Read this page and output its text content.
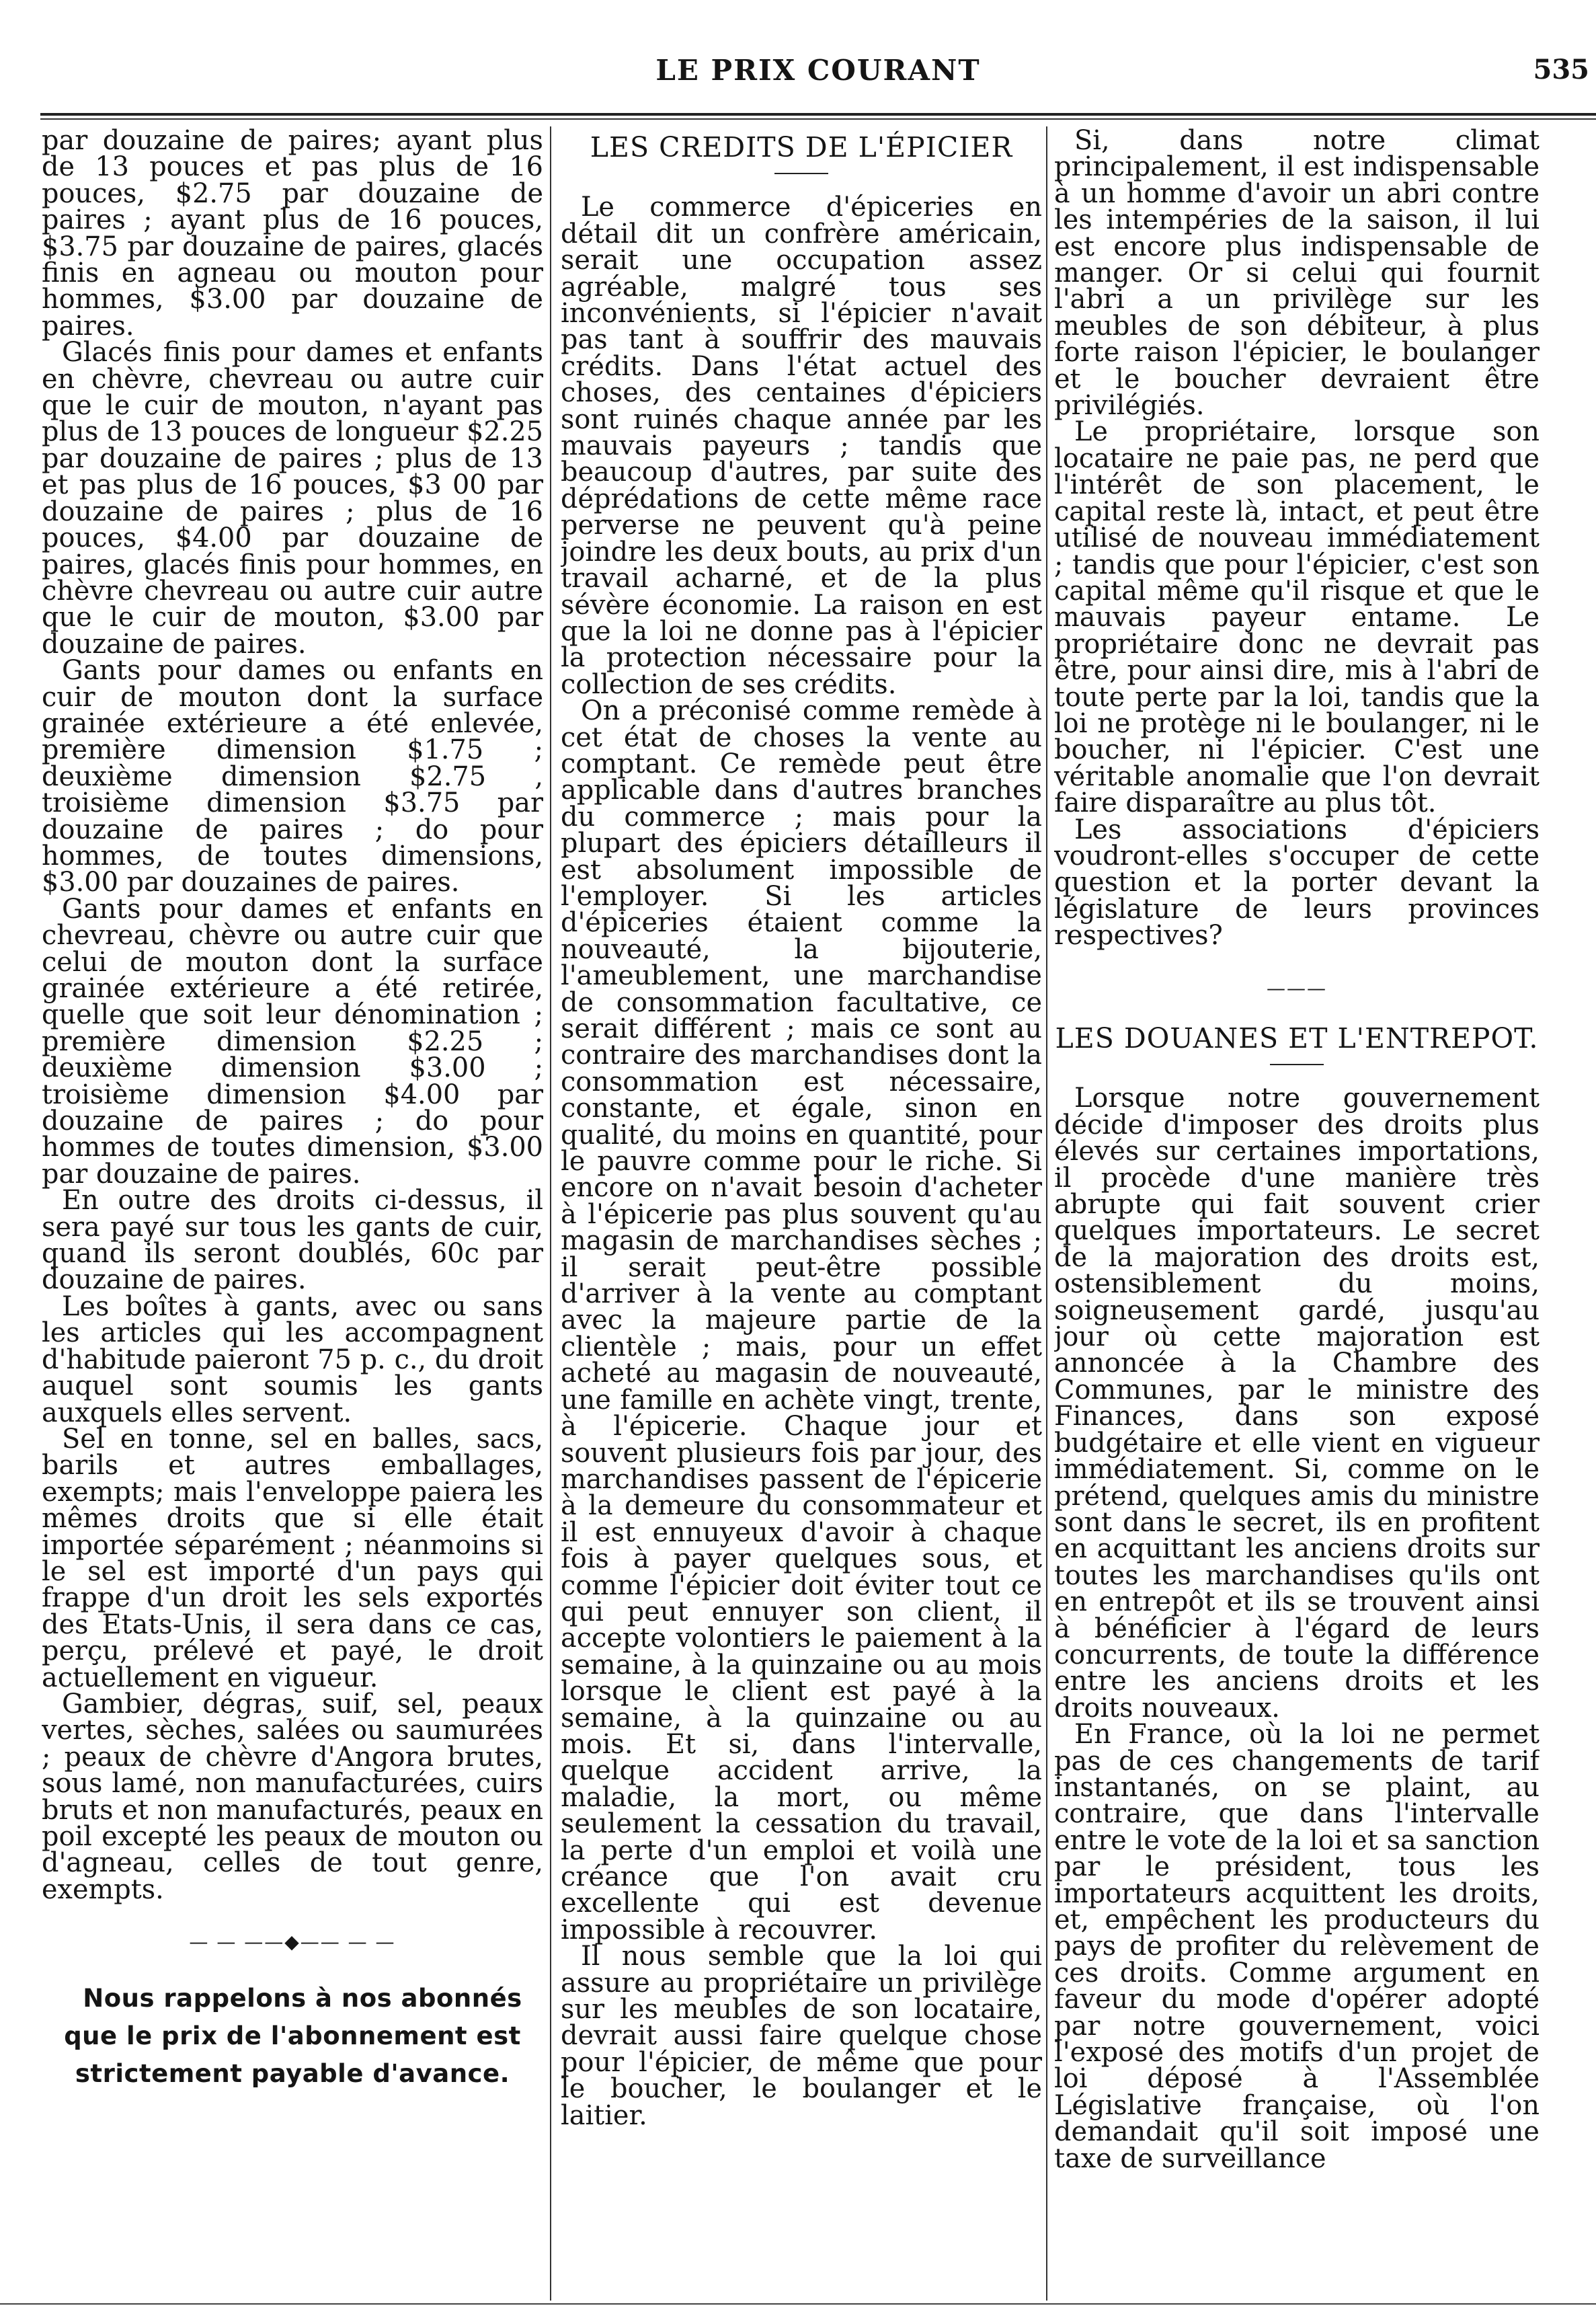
LE PRIX COURANT	535

par douzaine de paires; ayant plus de 13 pouces et pas plus de 16 pouces, $2.75 par douzaine de paires ; ayant plus de 16 pouces, $3.75 par douzaine de paires, glacés finis en agneau ou mouton pour hommes, $3.00 par douzaine de paires.

Glacés finis pour dames et enfants en chèvre, chevreau ou autre cuir que le cuir de mouton, n'ayant pas plus de 13 pouces de longueur $2.25 par douzaine de paires ; plus de 13 et pas plus de 16 pouces, $3 00 par douzaine de paires ; plus de 16 pouces, $4.00 par douzaine de paires, glacés finis pour hommes, en chèvre chevreau ou autre cuir autre que le cuir de mouton, $3.00 par douzaine de paires.

Gants pour dames ou enfants en cuir de mouton dont la surface grainée extérieure a été enlevée, première dimension $1.75 ; deuxième dimension $2.75 , troisième dimension $3.75 par douzaine de paires ; do pour hommes, de toutes dimensions, $3.00 par douzaines de paires.

Gants pour dames et enfants en chevreau, chèvre ou autre cuir que celui de mouton dont la surface grainée extérieure a été retirée, quelle que soit leur dénomination ; première dimension $2.25 ; deuxième dimension $3.00 ; troisième dimension $4.00 par douzaine de paires ; do pour hommes de toutes dimension, $3.00 par douzaine de paires.

En outre des droits ci-dessus, il sera payé sur tous les gants de cuir, quand ils seront doublés, 60c par douzaine de paires.

Les boîtes à gants, avec ou sans les articles qui les accompagnent d'habitude paieront 75 p. c., du droit auquel sont soumis les gants auxquels elles servent.

Sel en tonne, sel en balles, sacs, barils et autres emballages, exempts; mais l'enveloppe paiera les mêmes droits que si elle était importée séparément ; néanmoins si le sel est importé d'un pays qui frappe d'un droit les sels exportés des Etats-Unis, il sera dans ce cas, perçu, prélevé et payé, le droit actuellement en vigueur.

Gambier, dégras, suif, sel, peaux vertes, sèches, salées ou saumurées ; peaux de chèvre d'Angora brutes, sous lamé, non manufacturées, cuirs bruts et non manufacturés, peaux en poil excepté les peaux de mouton ou d'agneau, celles de tout genre, exempts.

— — ——◆—— — —

Nous rappelons à nos abonnés que le prix de l'abonnement est strictement payable d'avance.

LES CREDITS DE L'ÉPICIER

Le commerce d'épiceries en détail dit un confrère américain, serait une occupation assez agréable, malgré tous ses inconvénients, si l'épicier n'avait pas tant à souffrir des mauvais crédits. Dans l'état actuel des choses, des centaines d'épiciers sont ruinés chaque année par les mauvais payeurs ; tandis que beaucoup d'autres, par suite des déprédations de cette même race perverse ne peuvent qu'à peine joindre les deux bouts, au prix d'un travail acharné, et de la plus sévère économie. La raison en est que la loi ne donne pas à l'épicier la protection nécessaire pour la collection de ses crédits.

On a préconisé comme remède à cet état de choses la vente au comptant. Ce remède peut être applicable dans d'autres branches du commerce ; mais pour la plupart des épiciers détailleurs il est absolument impossible de l'employer. Si les articles d'épiceries étaient comme la nouveauté, la bijouterie, l'ameublement, une marchandise de consommation facultative, ce serait différent ; mais ce sont au contraire des marchandises dont la consommation est nécessaire, constante, et égale, sinon en qualité, du moins en quantité, pour le pauvre comme pour le riche. Si encore on n'avait besoin d'acheter à l'épicerie pas plus souvent qu'au magasin de marchandises sèches ; il serait peut-être possible d'arriver à la vente au comptant avec la majeure partie de la clientèle ; mais, pour un effet acheté au magasin de nouveauté, une famille en achète vingt, trente, à l'épicerie. Chaque jour et souvent plusieurs fois par jour, des marchandises passent de l'épicerie à la demeure du consommateur et il est ennuyeux d'avoir à chaque fois à payer quelques sous, et comme l'épicier doit éviter tout ce qui peut ennuyer son client, il accepte volontiers le paiement à la semaine, à la quinzaine ou au mois lorsque le client est payé à la semaine, à la quinzaine ou au mois. Et si, dans l'intervalle, quelque accident arrive, la maladie, la mort, ou même seulement la cessation du travail, la perte d'un emploi et voilà une créance que l'on avait cru excellente qui est devenue impossible à recouvrer.

Il nous semble que la loi qui assure au propriétaire un privilège sur les meubles de son locataire, devrait aussi faire quelque chose pour l'épicier, de même que pour le boucher, le boulanger et le laitier.

Si, dans notre climat principalement, il est indispensable à un homme d'avoir un abri contre les intempéries de la saison, il lui est encore plus indispensable de manger. Or si celui qui fournit l'abri a un privilège sur les meubles de son débiteur, à plus forte raison l'épicier, le boulanger et le boucher devraient être privilégiés.

Le propriétaire, lorsque son locataire ne paie pas, ne perd que l'intérêt de son placement, le capital reste là, intact, et peut être utilisé de nouveau immédiatement ; tandis que pour l'épicier, c'est son capital même qu'il risque et que le mauvais payeur entame. Le propriétaire donc ne devrait pas être, pour ainsi dire, mis à l'abri de toute perte par la loi, tandis que la loi ne protège ni le boulanger, ni le boucher, ni l'épicier. C'est une véritable anomalie que l'on devrait faire disparaître au plus tôt.

Les associations d'épiciers voudront-elles s'occuper de cette question et la porter devant la législature de leurs provinces respectives?

———
LES DOUANES ET L'ENTREPOT.

Lorsque notre gouvernement décide d'imposer des droits plus élevés sur certaines importations, il procède d'une manière très abrupte qui fait souvent crier quelques importateurs. Le secret de la majoration des droits est, ostensiblement du moins, soigneusement gardé, jusqu'au jour où cette majoration est annoncée à la Chambre des Communes, par le ministre des Finances, dans son exposé budgétaire et elle vient en vigueur immédiatement. Si, comme on le prétend, quelques amis du ministre sont dans le secret, ils en profitent en acquittant les anciens droits sur toutes les marchandises qu'ils ont en entrepôt et ils se trouvent ainsi à bénéficier à l'égard de leurs concurrents, de toute la différence entre les anciens droits et les droits nouveaux.

En France, où la loi ne permet pas de ces changements de tarif instantanés, on se plaint, au contraire, que dans l'intervalle entre le vote de la loi et sa sanction par le président, tous les importateurs acquittent les droits, et, empêchent les producteurs du pays de profiter du relèvement de ces droits. Comme argument en faveur du mode d'opérer adopté par notre gouvernement, voici l'exposé des motifs d'un projet de loi déposé à l'Assemblée Législative française, où l'on demandait qu'il soit imposé une taxe de surveillance
